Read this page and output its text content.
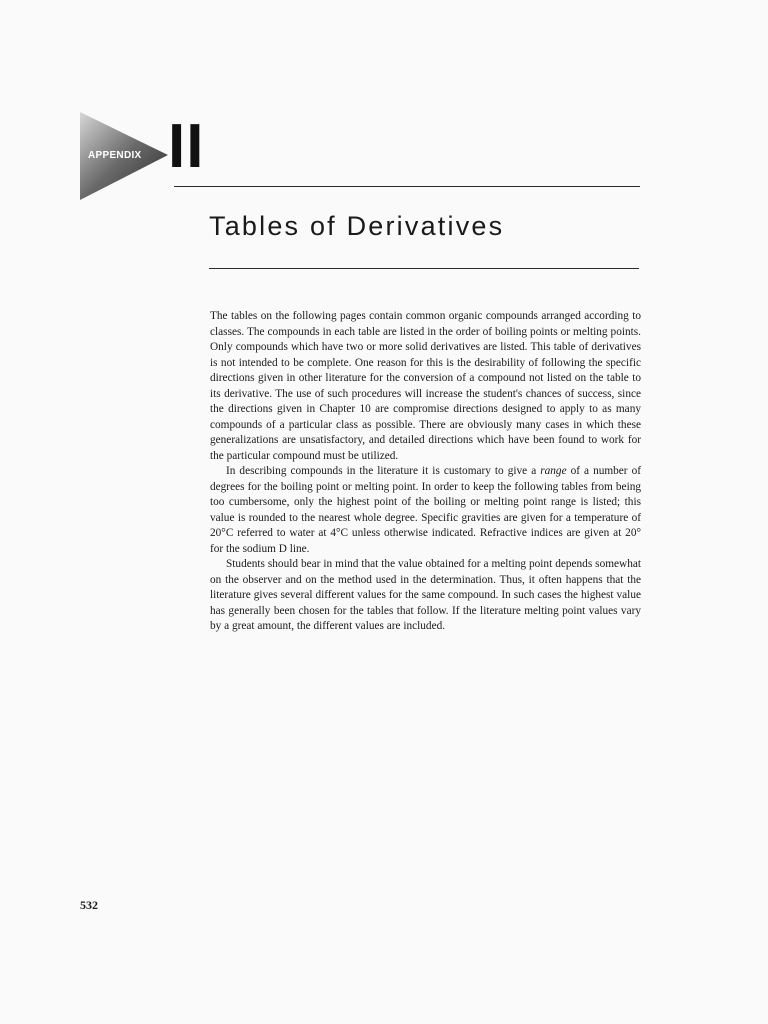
APPENDIX II
Tables of Derivatives

The tables on the following pages contain common organic compounds arranged according to classes. The compounds in each table are listed in the order of boiling points or melting points. Only compounds which have two or more solid derivatives are listed. This table of derivatives is not intended to be complete. One reason for this is the desirability of following the specific directions given in other literature for the conversion of a compound not listed on the table to its derivative. The use of such procedures will increase the student's chances of success, since the directions given in Chapter 10 are compromise directions designed to apply to as many compounds of a particular class as possible. There are obviously many cases in which these generalizations are unsatisfactory, and detailed directions which have been found to work for the particular compound must be utilized.

In describing compounds in the literature it is customary to give a range of a number of degrees for the boiling point or melting point. In order to keep the following tables from being too cumbersome, only the highest point of the boiling or melting point range is listed; this value is rounded to the nearest whole degree. Specific gravities are given for a temperature of 20°C referred to water at 4°C unless otherwise indicated. Refractive indices are given at 20° for the sodium D line.

Students should bear in mind that the value obtained for a melting point depends somewhat on the observer and on the method used in the determination. Thus, it often happens that the literature gives several different values for the same compound. In such cases the highest value has generally been chosen for the tables that follow. If the literature melting point values vary by a great amount, the different values are included.

532
